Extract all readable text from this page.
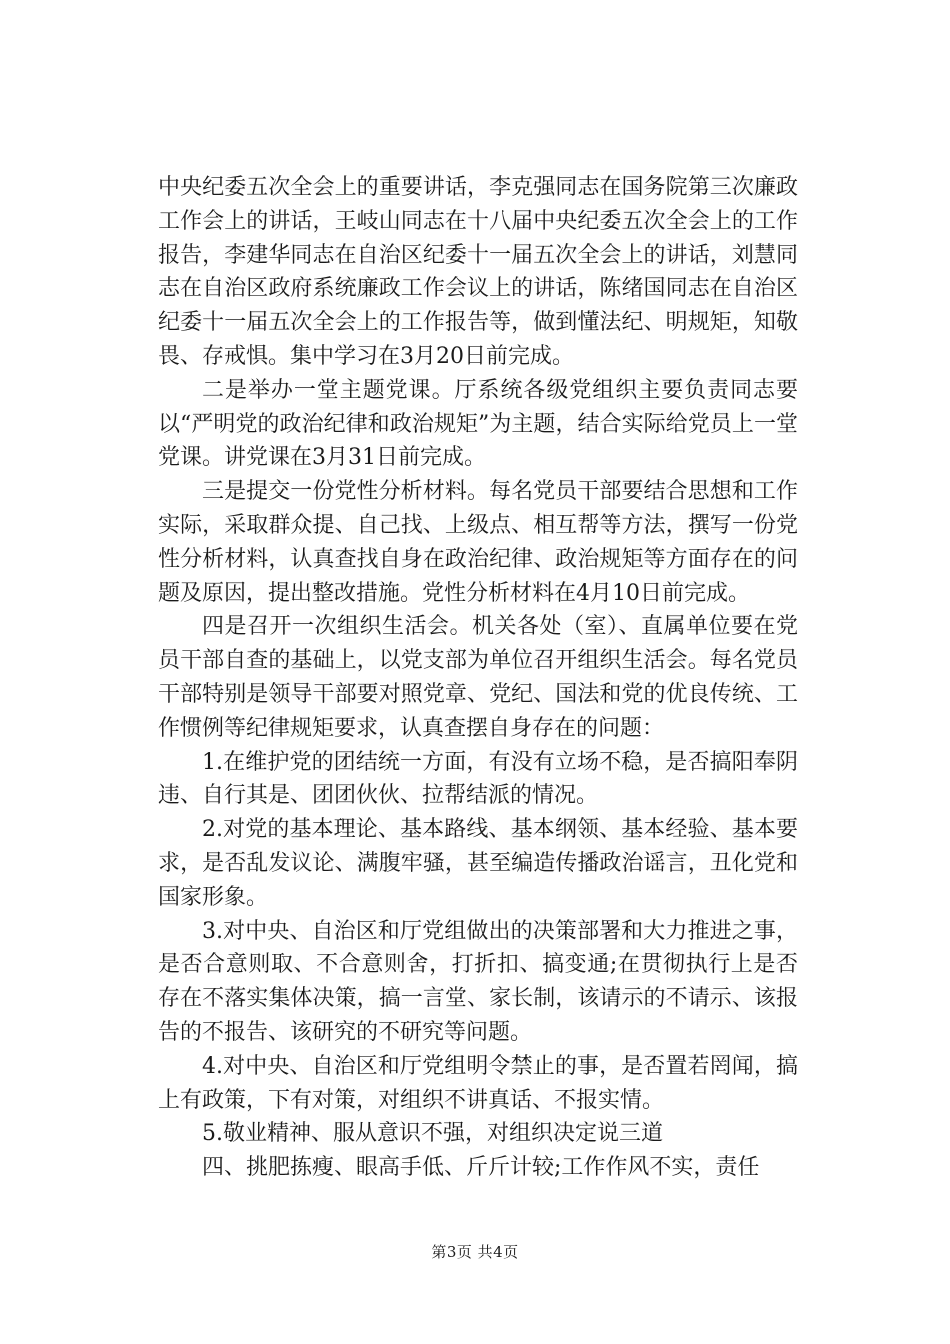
中央纪委五次全会上的重要讲话，李克强同志在国务院第三次廉政工作会上的讲话，王岐山同志在十八届中央纪委五次全会上的工作报告，李建华同志在自治区纪委十一届五次全会上的讲话，刘慧同志在自治区政府系统廉政工作会议上的讲话，陈绪国同志在自治区纪委十一届五次全会上的工作报告等，做到懂法纪、明规矩，知敬畏、存戒惧。集中学习在3月20日前完成。

二是举办一堂主题党课。厅系统各级党组织主要负责同志要以“严明党的政治纪律和政治规矩”为主题，结合实际给党员上一堂党课。讲党课在3月31日前完成。

三是提交一份党性分析材料。每名党员干部要结合思想和工作实际，采取群众提、自己找、上级点、相互帮等方法，撰写一份党性分析材料，认真查找自身在政治纪律、政治规矩等方面存在的问题及原因，提出整改措施。党性分析材料在4月10日前完成。

四是召开一次组织生活会。机关各处（室）、直属单位要在党员干部自查的基础上，以党支部为单位召开组织生活会。每名党员干部特别是领导干部要对照党章、党纪、国法和党的优良传统、工作惯例等纪律规矩要求，认真查摆自身存在的问题：

1.在维护党的团结统一方面，有没有立场不稳，是否搞阳奉阴违、自行其是、团团伙伙、拉帮结派的情况。

2.对党的基本理论、基本路线、基本纲领、基本经验、基本要求，是否乱发议论、满腹牢骚，甚至编造传播政治谣言，丑化党和国家形象。

3.对中央、自治区和厅党组做出的决策部署和大力推进之事，是否合意则取、不合意则舍，打折扣、搞变通;在贯彻执行上是否存在不落实集体决策，搞一言堂、家长制，该请示的不请示、该报告的不报告、该研究的不研究等问题。

4.对中央、自治区和厅党组明令禁止的事，是否置若罔闻，搞上有政策，下有对策，对组织不讲真话、不报实情。

5.敬业精神、服从意识不强，对组织决定说三道

四、挑肥拣瘦、眼高手低、斤斤计较;工作作风不实，责任

第3页 共4页
